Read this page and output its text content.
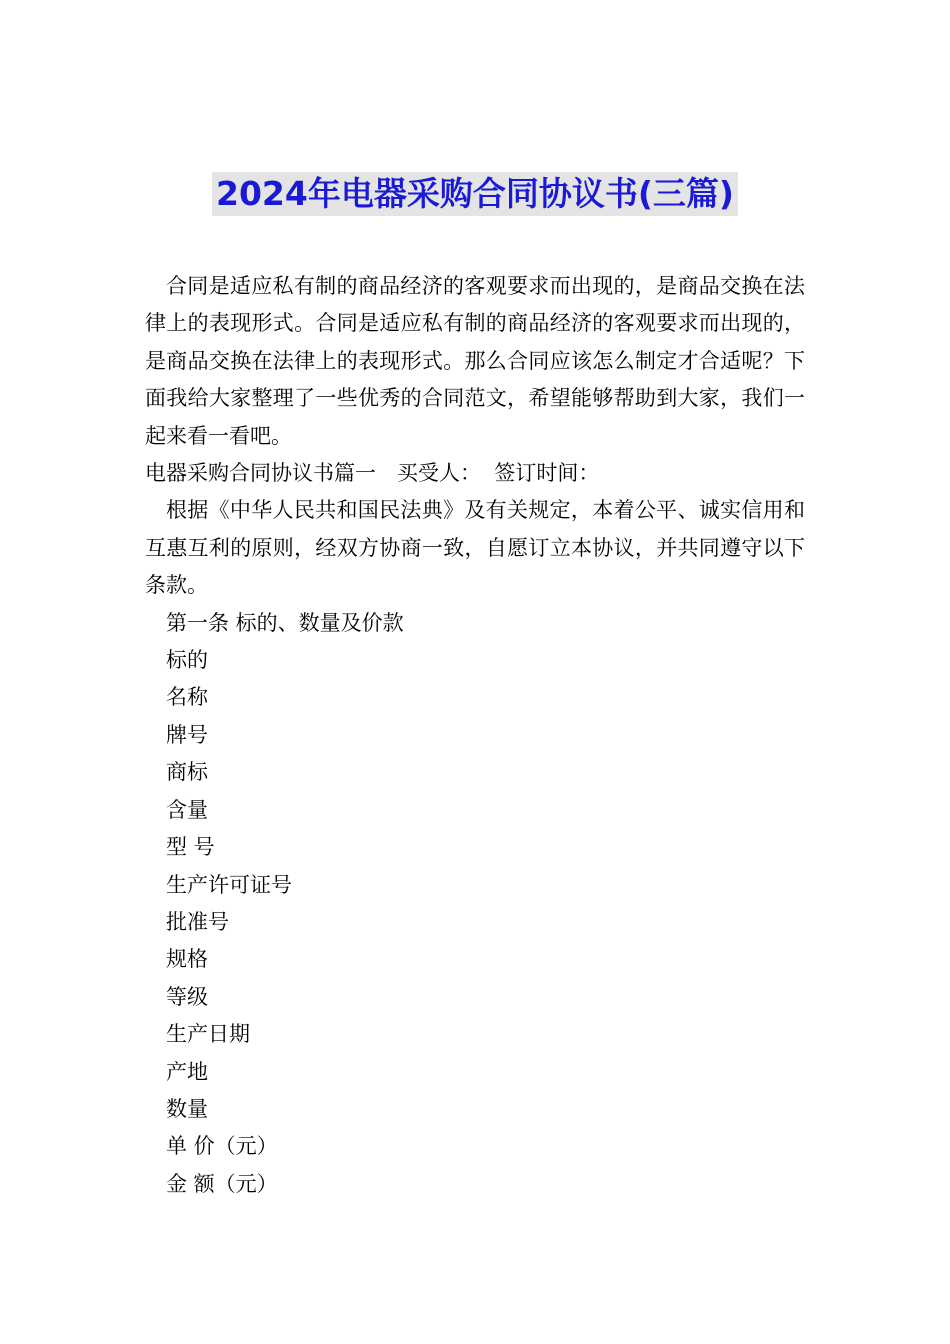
2024年电器采购合同协议书(三篇)

合同是适应私有制的商品经济的客观要求而出现的，是商品交换在法律上的表现形式。合同是适应私有制的商品经济的客观要求而出现的，是商品交换在法律上的表现形式。那么合同应该怎么制定才合适呢？下面我给大家整理了一些优秀的合同范文，希望能够帮助到大家，我们一起来看一看吧。

电器采购合同协议书篇一　买受人：  签订时间：

根据《中华人民共和国民法典》及有关规定，本着公平、诚实信用和互惠互利的原则，经双方协商一致，自愿订立本协议，并共同遵守以下条款。

第一条 标的、数量及价款

标的

名称

牌号

商标

含量

型 号

生产许可证号

批准号

规格

等级

生产日期

产地

数量

单 价（元）

金 额（元）
